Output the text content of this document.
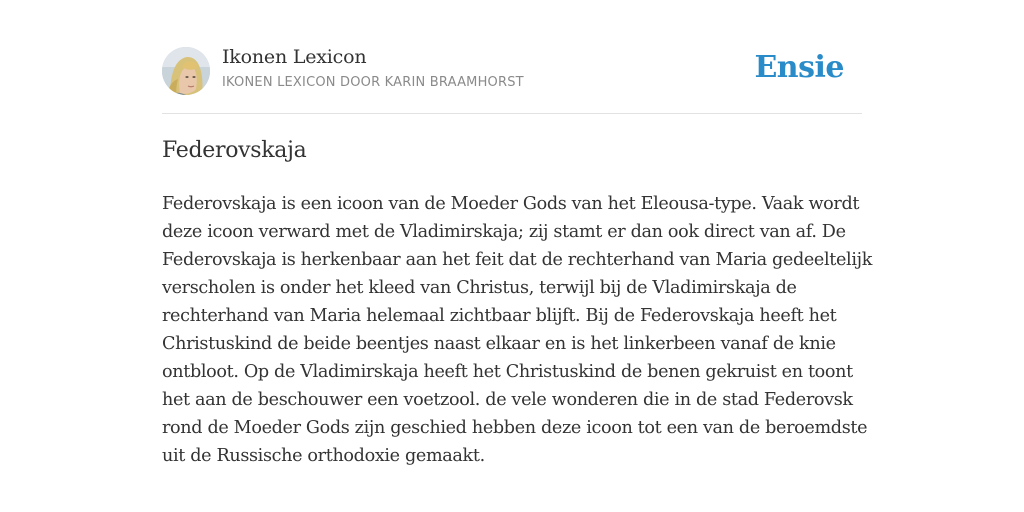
Ikonen Lexicon
IKONEN LEXICON DOOR KARIN BRAAMHORST	Ensie
Federovskaja

Federovskaja is een icoon van de Moeder Gods van het Eleousa-type. Vaak wordt deze icoon verward met de Vladimirskaja; zij stamt er dan ook direct van af. De Federovskaja is herkenbaar aan het feit dat de rechterhand van Maria gedeeltelijk verscholen is onder het kleed van Christus, terwijl bij de Vladimirskaja de rechterhand van Maria helemaal zichtbaar blijft. Bij de Federovskaja heeft het Christuskind de beide beentjes naast elkaar en is het linkerbeen vanaf de knie ontbloot. Op de Vladimirskaja heeft het Christuskind de benen gekruist en toont het aan de beschouwer een voetzool. de vele wonderen die in de stad Federovsk rond de Moeder Gods zijn geschied hebben deze icoon tot een van de beroemdste uit de Russische orthodoxie gemaakt.
